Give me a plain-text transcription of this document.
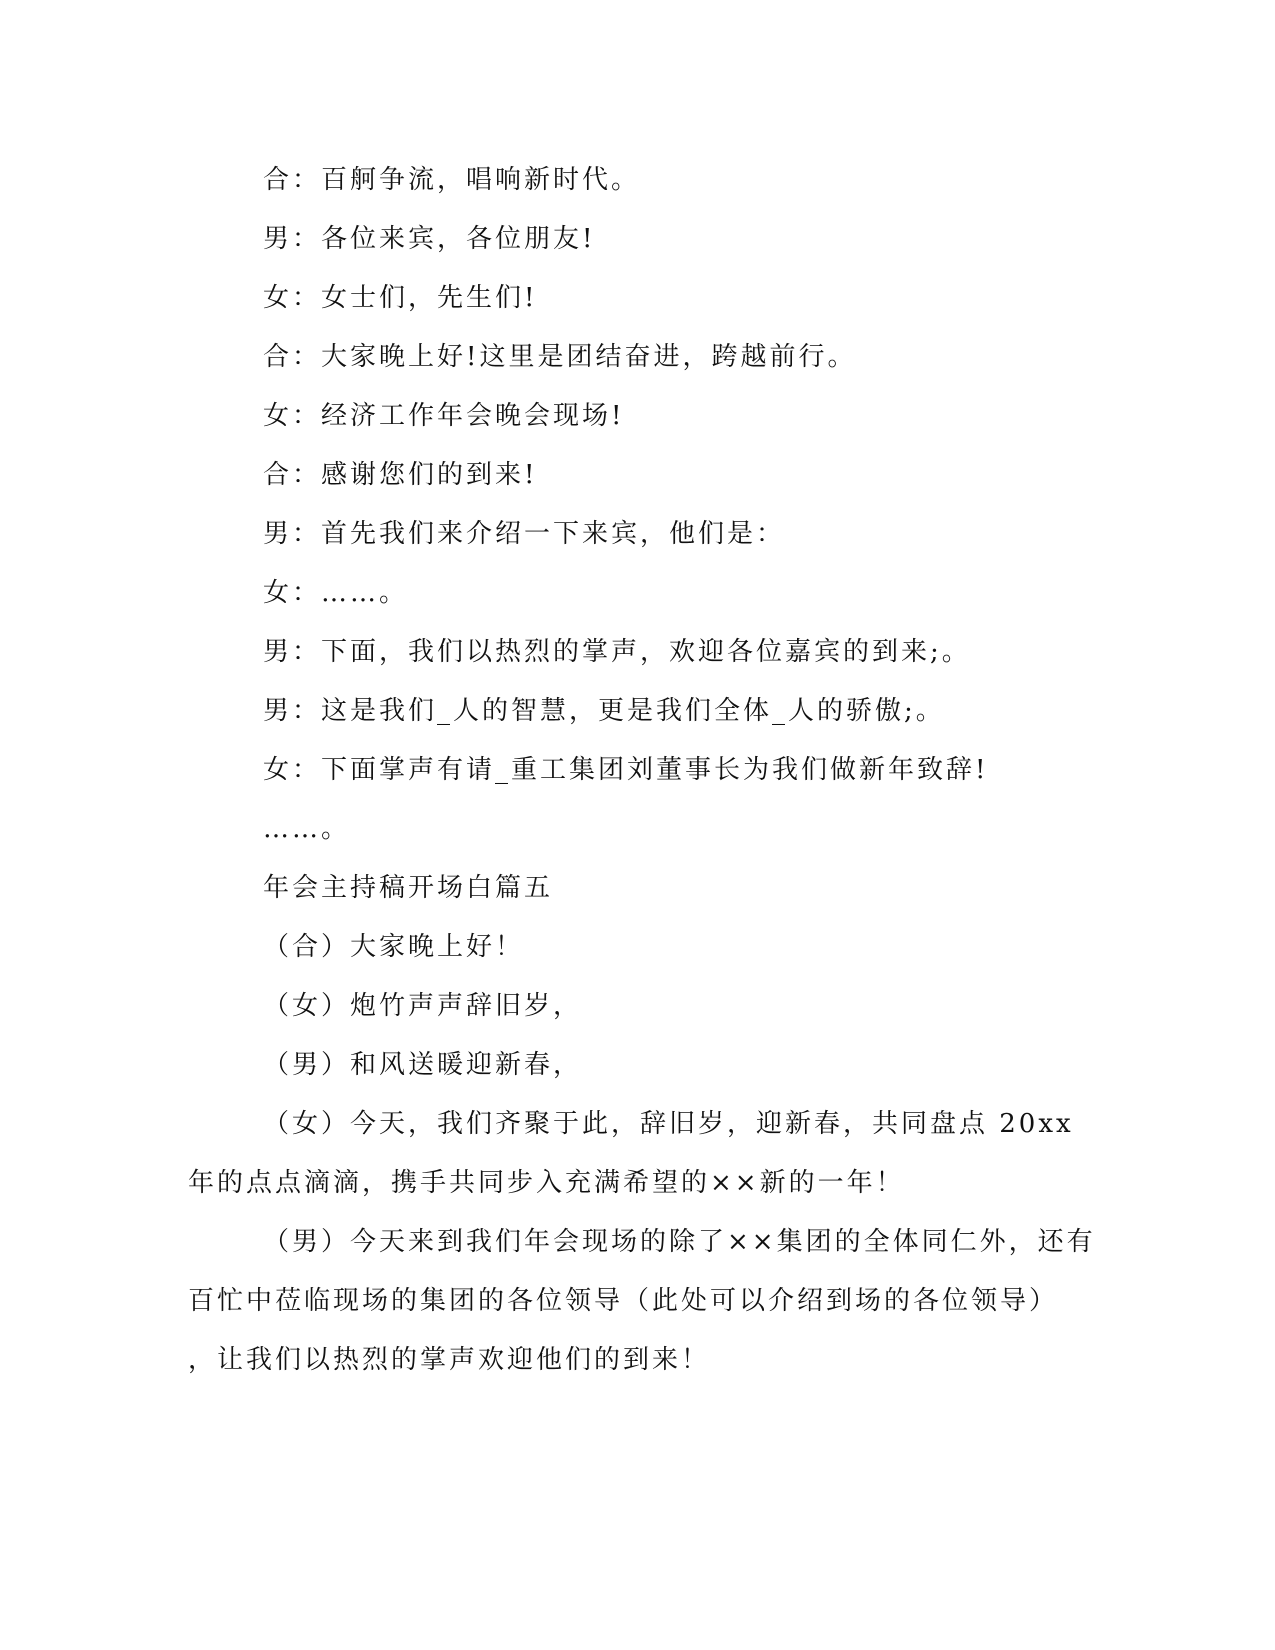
合：百舸争流，唱响新时代。
男：各位来宾，各位朋友!
女：女士们，先生们!
合：大家晚上好!这里是团结奋进，跨越前行。
女：经济工作年会晚会现场!
合：感谢您们的到来!
男：首先我们来介绍一下来宾，他们是：
女：……。
男：下面，我们以热烈的掌声，欢迎各位嘉宾的到来;。
男：这是我们_人的智慧，更是我们全体_人的骄傲;。
女：下面掌声有请_重工集团刘董事长为我们做新年致辞!
……。
年会主持稿开场白篇五
（合）大家晚上好！
（女）炮竹声声辞旧岁，
（男）和风送暖迎新春，
（女）今天，我们齐聚于此，辞旧岁，迎新春，共同盘点 20xx
年的点点滴滴，携手共同步入充满希望的××新的一年！
（男）今天来到我们年会现场的除了××集团的全体同仁外，还有
百忙中莅临现场的集团的各位领导（此处可以介绍到场的各位领导）
，让我们以热烈的掌声欢迎他们的到来！
